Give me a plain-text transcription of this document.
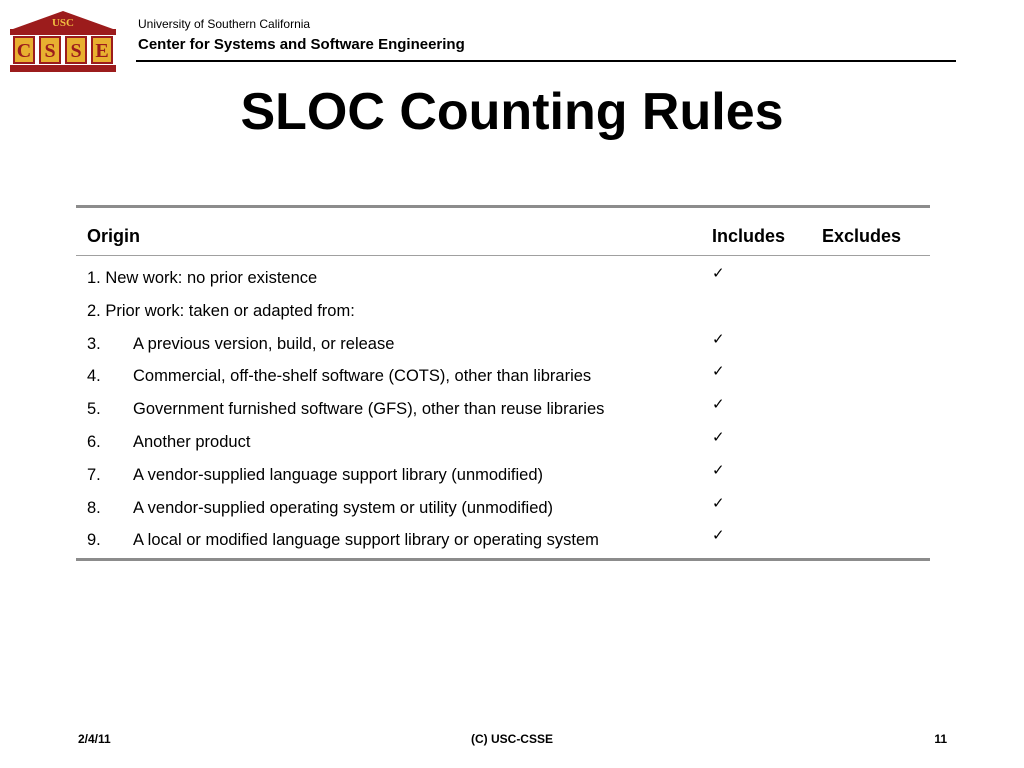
USC
C S S E
University of Southern California
Center for Systems and Software Engineering
SLOC Counting Rules
Origin	Includes Excludes
1. New work: no prior existence	✓
2. Prior work: taken or adapted from:
3. A previous version, build, or release	✓
4. Commercial, off-the-shelf software (COTS), other than libraries	✓
5. Government furnished software (GFS), other than reuse libraries	✓
6. Another product	✓
7. A vendor-supplied language support library (unmodified)	✓
8. A vendor-supplied operating system or utility (unmodified)	✓
9. A local or modified language support library or operating system	✓
2/4/11	(C) USC-CSSE	11
